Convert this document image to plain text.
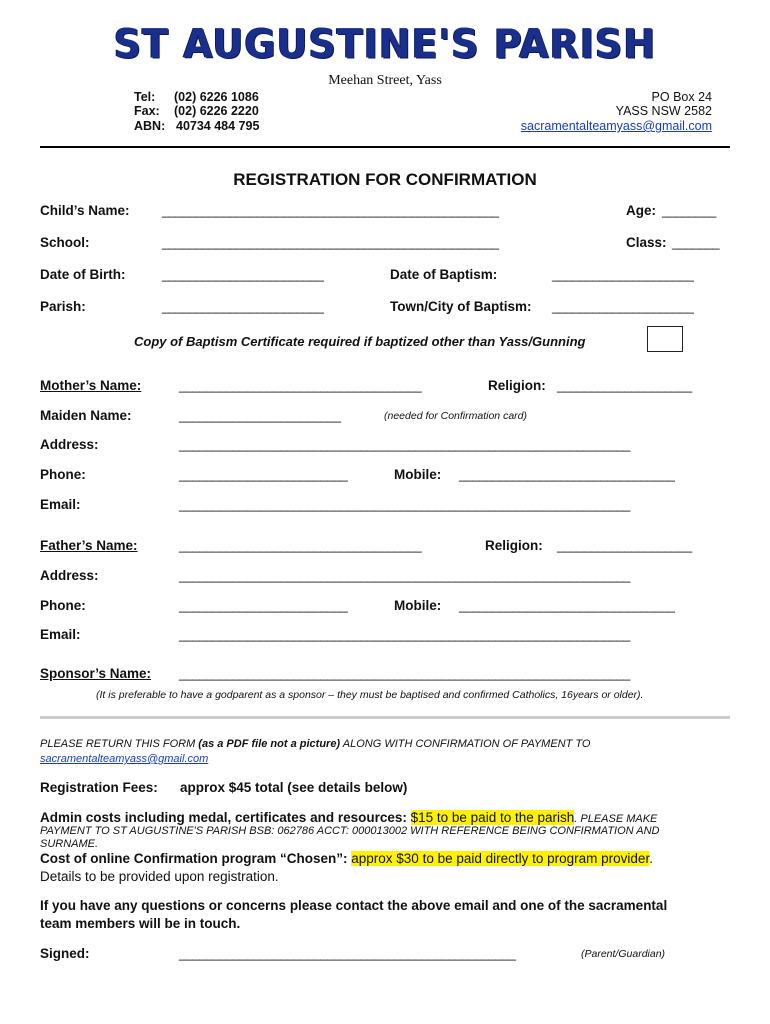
ST AUGUSTINE'S PARISH
Meehan Street, Yass
Tel: (02) 6226 1086
Fax: (02) 6226 2220
ABN: 40734 484 795
PO Box 24
YASS NSW 2582
sacramentalteamyass@gmail.com
REGISTRATION FOR CONFIRMATION
Child’s Name: __________________________________________________	Age: ________
School:	__________________________________________________	Class: _______
Date of Birth:	________________________	Date of Baptism:	_____________________
Parish:	________________________	Town/City of Baptism: _____________________
Copy of Baptism Certificate required if baptized other than Yass/Gunning
Mother’s Name:	____________________________________	Religion: ____________________
Maiden Name:	________________________	(needed for Confirmation card)
Address:	___________________________________________________________________
Phone:	_________________________	Mobile: ________________________________
Email:	___________________________________________________________________
Father’s Name:	____________________________________	Religion: ____________________
Address:	___________________________________________________________________
Phone:	_________________________	Mobile: ________________________________
Email:	___________________________________________________________________
Sponsor’s Name: ___________________________________________________________________
(It is preferable to have a godparent as a sponsor – they must be baptised and confirmed Catholics, 16years or older).
PLEASE RETURN THIS FORM (as a PDF file not a picture) ALONG WITH CONFIRMATION OF PAYMENT TO
sacramentalteamyass@gmail.com
Registration Fees: approx $45 total (see details below)
Admin costs including medal, certificates and resources: $15 to be paid to the parish. PLEASE MAKE
PAYMENT TO ST AUGUSTINE'S PARISH BSB: 062786 ACCT: 000013002 WITH REFERENCE BEING CONFIRMATION AND
SURNAME.
Cost of online Confirmation program “Chosen”: approx $30 to be paid directly to program provider.
Details to be provided upon registration.
If you have any questions or concerns please contact the above email and one of the sacramental
team members will be in touch.
Signed:	__________________________________________________	(Parent/Guardian)
